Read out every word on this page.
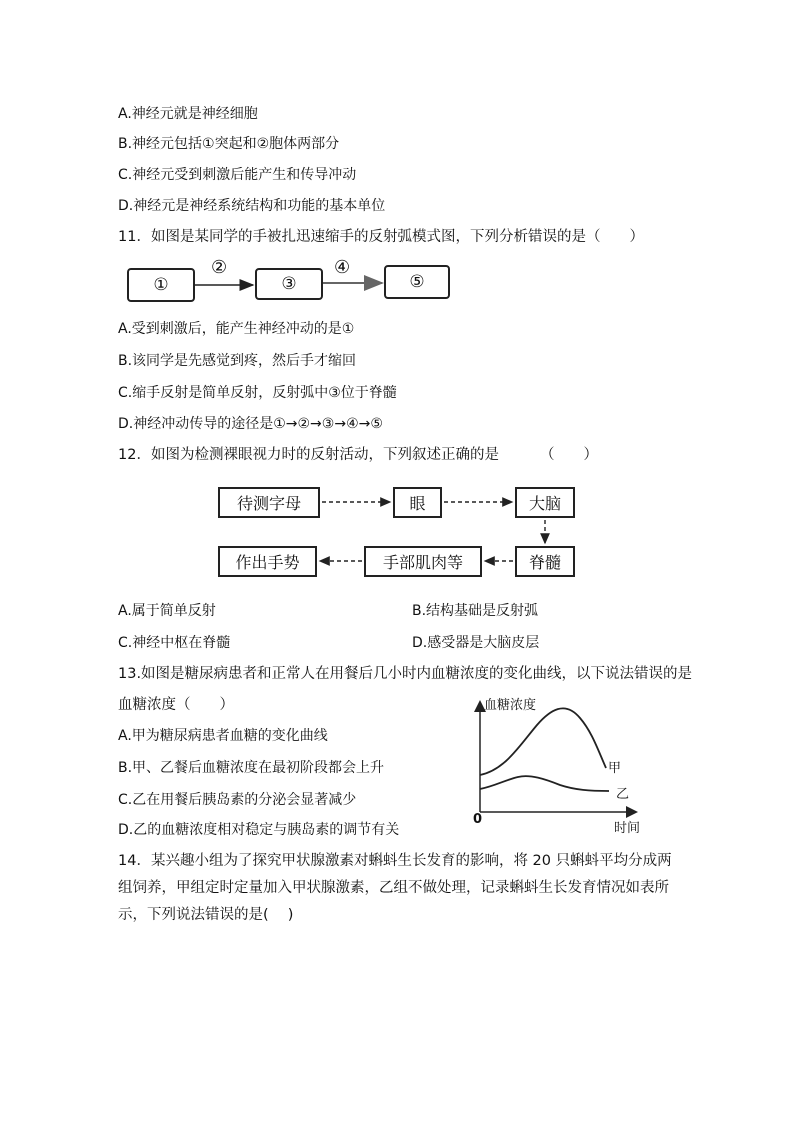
A.神经元就是神经细胞
B.神经元包括①突起和②胞体两部分
C.神经元受到刺激后能产生和传导冲动
D.神经元是神经系统结构和功能的基本单位
11．如图是某同学的手被扎迅速缩手的反射弧模式图，下列分析错误的是（　　）
①	③	⑤
②	④
A.受到刺激后，能产生神经冲动的是①
B.该同学是先感觉到疼，然后手才缩回
C.缩手反射是简单反射，反射弧中③位于脊髓
D.神经冲动传导的途径是①→②→③→④→⑤
12．如图为检测裸眼视力时的反射活动，下列叙述正确的是	（　　）
待测字母	眼	大脑
脊髓
手部肌肉等
作出手势
A.属于简单反射	B.结构基础是反射弧
C.神经中枢在脊髓	D.感受器是大脑皮层
13.如图是糖尿病患者和正常人在用餐后几小时内血糖浓度的变化曲线，以下说法错误的是
血糖浓度（　　）
A.甲为糖尿病患者血糖的变化曲线
B.甲、乙餐后血糖浓度在最初阶段都会上升
C.乙在用餐后胰岛素的分泌会显著减少
D.乙的血糖浓度相对稳定与胰岛素的调节有关
血糖浓度
甲
乙
0
时间
14．某兴趣小组为了探究甲状腺激素对蝌蚪生长发育的影响，将 20 只蝌蚪平均分成两组饲养，甲组定时定量加入甲状腺激素，乙组不做处理，记录蝌蚪生长发育情况如表所示，下列说法错误的是(　 )
